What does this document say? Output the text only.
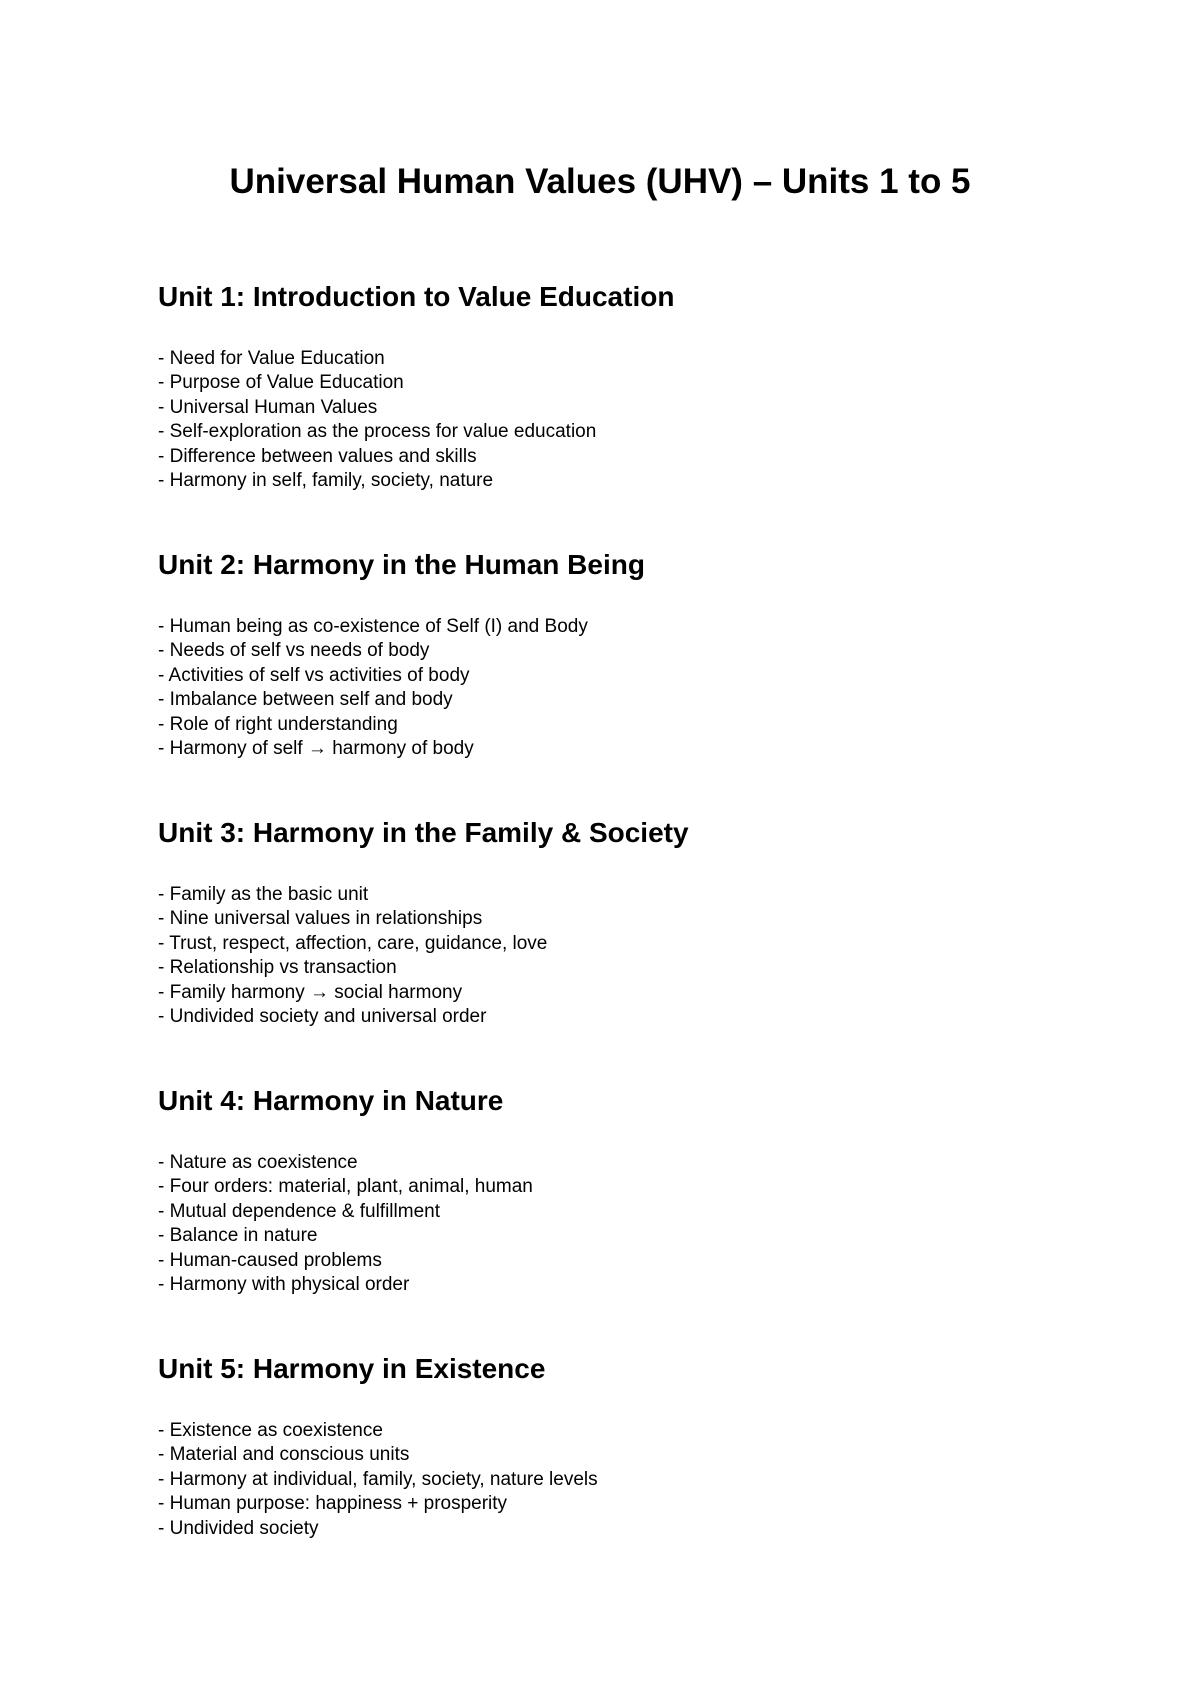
Universal Human Values (UHV) – Units 1 to 5
Unit 1: Introduction to Value Education
- Need for Value Education
- Purpose of Value Education
- Universal Human Values
- Self-exploration as the process for value education
- Difference between values and skills
- Harmony in self, family, society, nature
Unit 2: Harmony in the Human Being
- Human being as co-existence of Self (I) and Body
- Needs of self vs needs of body
- Activities of self vs activities of body
- Imbalance between self and body
- Role of right understanding
- Harmony of self → harmony of body
Unit 3: Harmony in the Family & Society
- Family as the basic unit
- Nine universal values in relationships
- Trust, respect, affection, care, guidance, love
- Relationship vs transaction
- Family harmony → social harmony
- Undivided society and universal order
Unit 4: Harmony in Nature
- Nature as coexistence
- Four orders: material, plant, animal, human
- Mutual dependence & fulfillment
- Balance in nature
- Human-caused problems
- Harmony with physical order
Unit 5: Harmony in Existence
- Existence as coexistence
- Material and conscious units
- Harmony at individual, family, society, nature levels
- Human purpose: happiness + prosperity
- Undivided society
